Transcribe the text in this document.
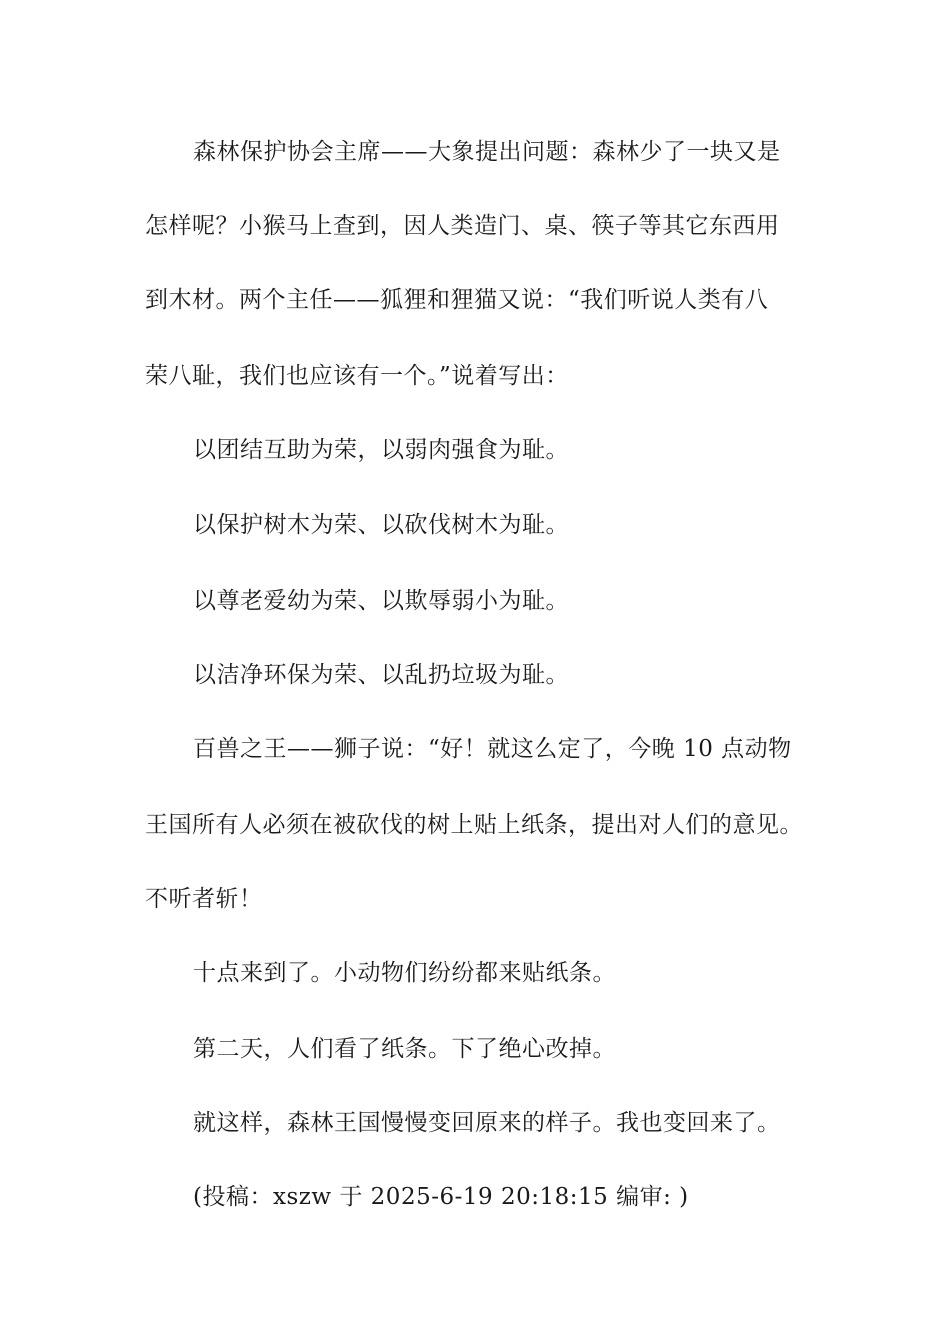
森林保护协会主席——大象提出问题：森林少了一块又是
怎样呢？小猴马上查到，因人类造门、桌、筷子等其它东西用
到木材。两个主任——狐狸和狸猫又说：“我们听说人类有八
荣八耻，我们也应该有一个。”说着写出：
以团结互助为荣，以弱肉强食为耻。
以保护树木为荣、以砍伐树木为耻。
以尊老爱幼为荣、以欺辱弱小为耻。
以洁净环保为荣、以乱扔垃圾为耻。
百兽之王——狮子说：“好！就这么定了，今晚 10 点动物
王国所有人必须在被砍伐的树上贴上纸条，提出对人们的意见。
不听者斩！
十点来到了。小动物们纷纷都来贴纸条。
第二天，人们看了纸条。下了绝心改掉。
就这样，森林王国慢慢变回原来的样子。我也变回来了。
(投稿：xszw 于 2025-6-19 20:18:15 编审: )
